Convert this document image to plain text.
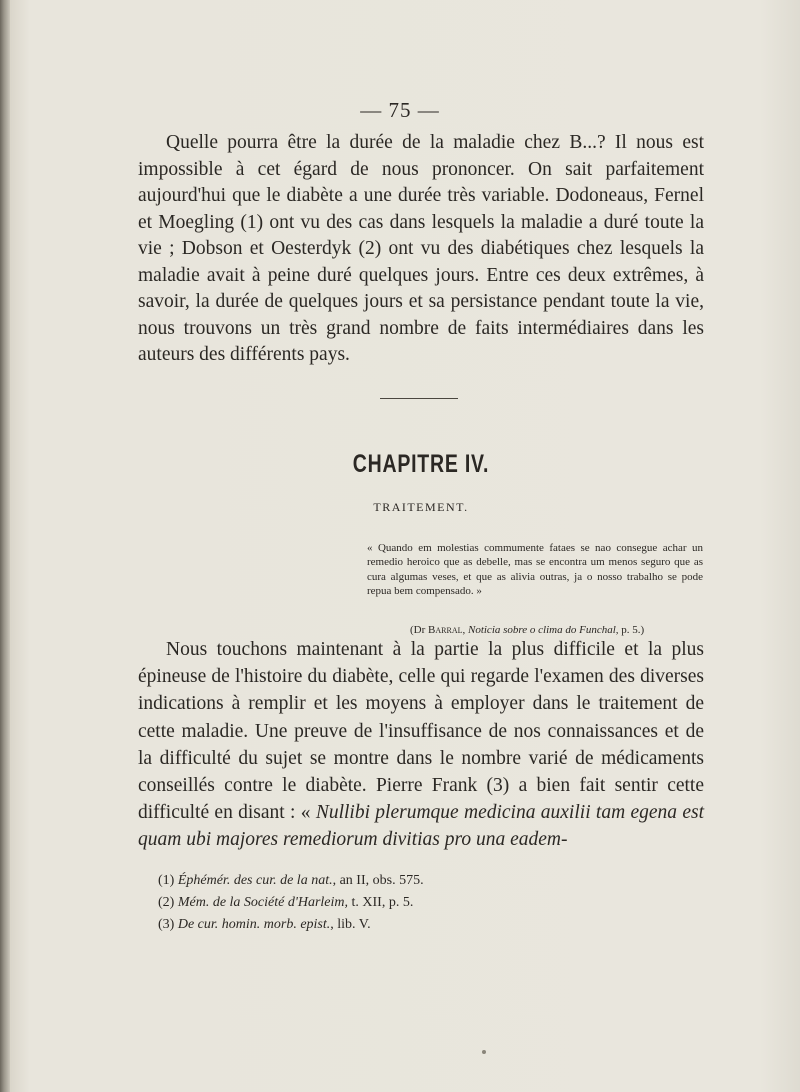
— 75 —

Quelle pourra être la durée de la maladie chez B...? Il nous est impossible à cet égard de nous prononcer. On sait parfaitement aujourd'hui que le diabète a une durée très variable. Dodoneaus, Fernel et Moegling (1) ont vu des cas dans lesquels la maladie a duré toute la vie ; Dobson et Oesterdyk (2) ont vu des diabétiques chez lesquels la maladie avait à peine duré quelques jours. Entre ces deux extrêmes, à savoir, la durée de quelques jours et sa persistance pendant toute la vie, nous trouvons un très grand nombre de faits intermédiaires dans les auteurs des différents pays.

CHAPITRE IV.
TRAITEMENT.

« Quando em molestias commumente fataes se nao consegue achar un remedio heroico que as debelle, mas se encontra um menos seguro que as cura algumas veses, et que as alivia outras, ja o nosso trabalho se pode repua bem compensado. »

(Dr Barral, Noticia sobre o clima do Funchal, p. 5.)

Nous touchons maintenant à la partie la plus difficile et la plus épineuse de l'histoire du diabète, celle qui regarde l'examen des diverses indications à remplir et les moyens à employer dans le traitement de cette maladie. Une preuve de l'insuffisance de nos connaissances et de la difficulté du sujet se montre dans le nombre varié de médicaments conseillés contre le diabète. Pierre Frank (3) a bien fait sentir cette difficulté en disant : « Nullibi plerumque medicina auxilii tam egena est quam ubi majores remediorum divitias pro una eadem-

(1) Éphémér. des cur. de la nat., an II, obs. 575.
(2) Mém. de la Société d'Harleim, t. XII, p. 5.
(3) De cur. homin. morb. epist., lib. V.
